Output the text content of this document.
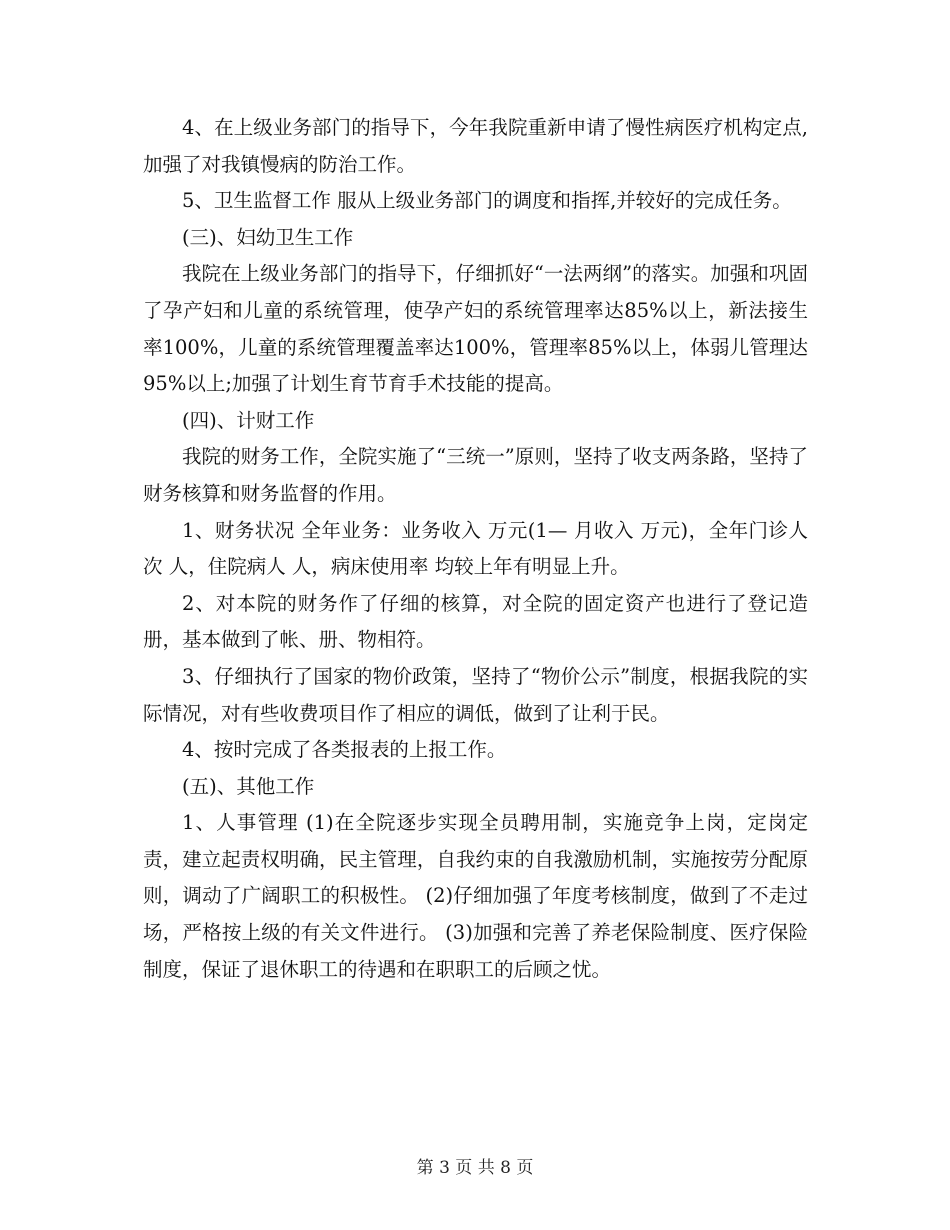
4、在上级业务部门的指导下，今年我院重新申请了慢性病医疗机构定点,加强了对我镇慢病的防治工作。

5、卫生监督工作 服从上级业务部门的调度和指挥,并较好的完成任务。

(三)、妇幼卫生工作

我院在上级业务部门的指导下，仔细抓好“一法两纲”的落实。加强和巩固了孕产妇和儿童的系统管理，使孕产妇的系统管理率达85%以上，新法接生率100%，儿童的系统管理覆盖率达100%，管理率85%以上，体弱儿管理达95%以上;加强了计划生育节育手术技能的提高。

(四)、计财工作

我院的财务工作，全院实施了“三统一”原则，坚持了收支两条路，坚持了财务核算和财务监督的作用。

1、财务状况 全年业务：业务收入 万元(1— 月收入 万元)，全年门诊人次 人，住院病人 人，病床使用率 均较上年有明显上升。

2、对本院的财务作了仔细的核算，对全院的固定资产也进行了登记造册，基本做到了帐、册、物相符。

3、仔细执行了国家的物价政策，坚持了“物价公示”制度，根据我院的实际情况，对有些收费项目作了相应的调低，做到了让利于民。

4、按时完成了各类报表的上报工作。

(五)、其他工作

1、人事管理 (1)在全院逐步实现全员聘用制，实施竞争上岗，定岗定责，建立起责权明确，民主管理，自我约束的自我激励机制，实施按劳分配原则，调动了广阔职工的积极性。 (2)仔细加强了年度考核制度，做到了不走过场，严格按上级的有关文件进行。 (3)加强和完善了养老保险制度、医疗保险制度，保证了退休职工的待遇和在职职工的后顾之忧。

第 3 页 共 8 页
